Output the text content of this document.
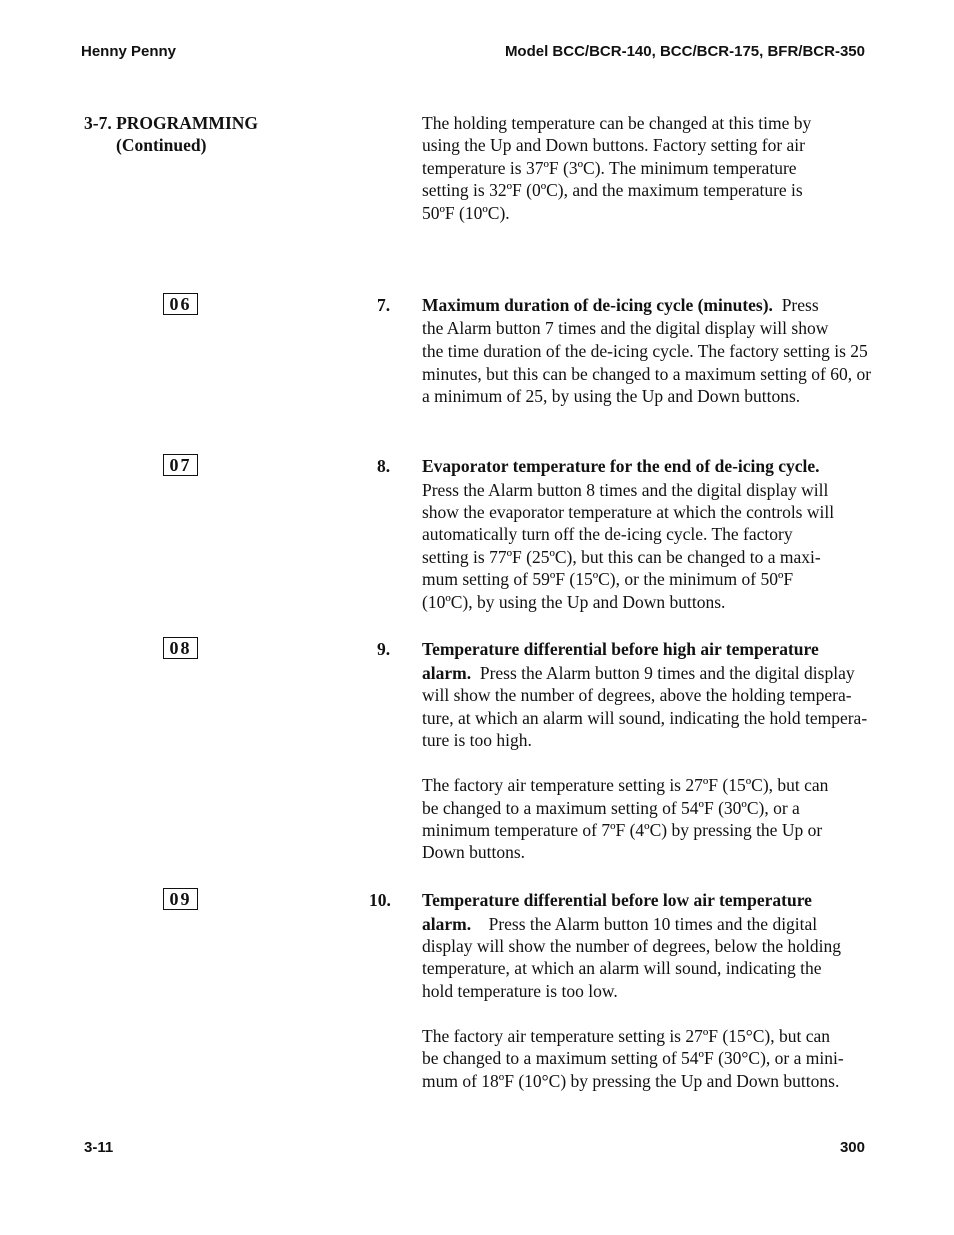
Henny Penny	Model BCC/BCR-140, BCC/BCR-175, BFR/BCR-350
3-7. PROGRAMMING
(Continued)
The holding temperature can be changed at this time by
using the Up and Down buttons. Factory setting for air
temperature is 37ºF (3ºC). The minimum temperature
setting is 32ºF (0ºC), and the maximum temperature is
50ºF (10ºC).
06	7. Maximum duration of de-icing cycle (minutes). Press
the Alarm button 7 times and the digital display will show
the time duration of the de-icing cycle. The factory setting is 25
minutes, but this can be changed to a maximum setting of 60, or
a minimum of 25, by using the Up and Down buttons.
07	8. Evaporator temperature for the end of de-icing cycle.
Press the Alarm button 8 times and the digital display will
show the evaporator temperature at which the controls will
automatically turn off the de-icing cycle. The factory
setting is 77ºF (25ºC), but this can be changed to a maxi-
mum setting of 59ºF (15ºC), or the minimum of 50ºF
(10ºC), by using the Up and Down buttons.
08	9. Temperature differential before high air temperature
alarm. Press the Alarm button 9 times and the digital display
will show the number of degrees, above the holding tempera-
ture, at which an alarm will sound, indicating the hold tempera-
ture is too high.
The factory air temperature setting is 27ºF (15ºC), but can
be changed to a maximum setting of 54ºF (30ºC), or a
minimum temperature of 7ºF (4ºC) by pressing the Up or
Down buttons.
09	10. Temperature differential before low air temperature
alarm. Press the Alarm button 10 times and the digital
display will show the number of degrees, below the holding
temperature, at which an alarm will sound, indicating the
hold temperature is too low.
The factory air temperature setting is 27ºF (15°C), but can
be changed to a maximum setting of 54ºF (30°C), or a mini-
mum of 18ºF (10°C) by pressing the Up and Down buttons.
3-11	300
